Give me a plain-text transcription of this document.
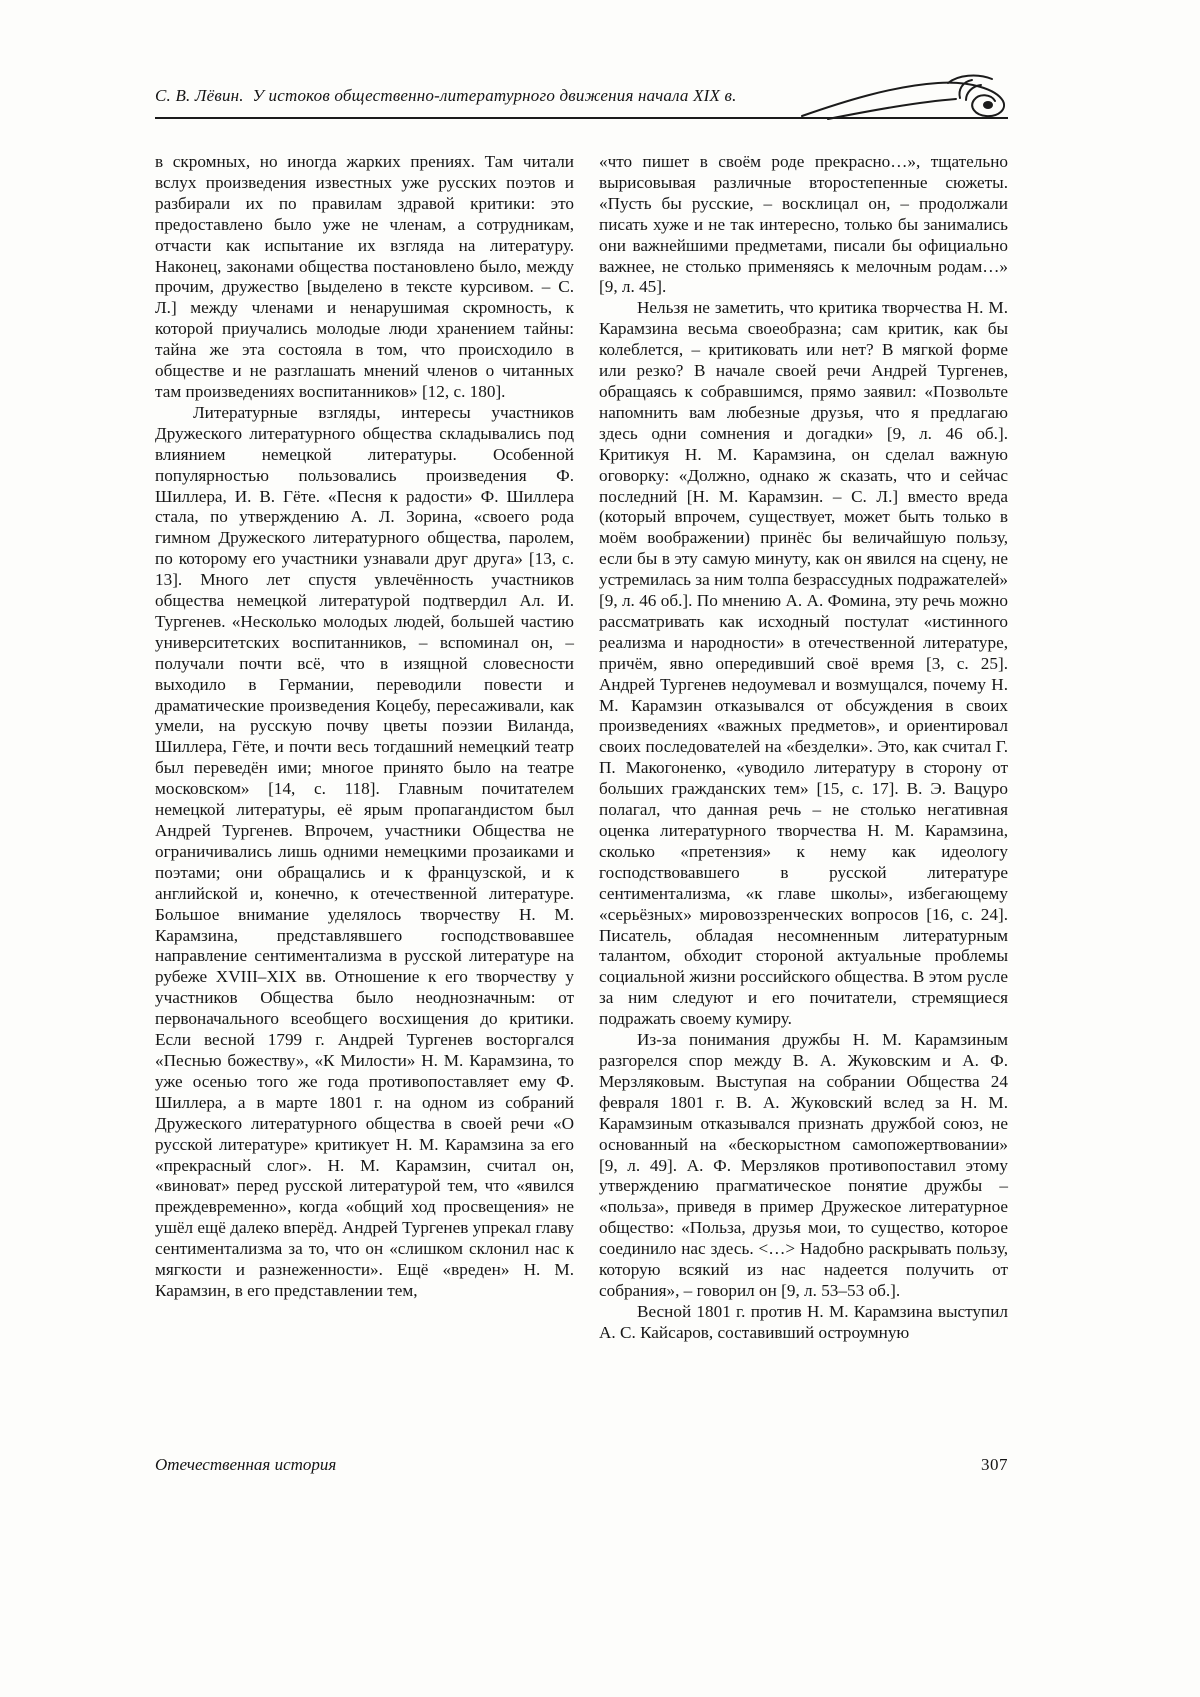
С. В. Лёвин. У истоков общественно-литературного движения начала XIX в.

в скромных, но иногда жарких прениях. Там читали вслух произведения известных уже русских поэтов и разбирали их по правилам здравой критики: это предоставлено было уже не членам, а сотрудникам, отчасти как испытание их взгляда на литературу. Наконец, законами общества постановлено было, между прочим, дружество [выделено в тексте курсивом. – С. Л.] между членами и ненарушимая скромность, к которой приучались молодые люди хранением тайны: тайна же эта состояла в том, что происходило в обществе и не разглашать мнений членов о читанных там произведениях воспитанников» [12, с. 180].

Литературные взгляды, интересы участников Дружеского литературного общества складывались под влиянием немецкой литературы. Особенной популярностью пользовались произведения Ф. Шиллера, И. В. Гёте. «Песня к радости» Ф. Шиллера стала, по утверждению А. Л. Зорина, «своего рода гимном Дружеского литературного общества, паролем, по которому его участники узнавали друг друга» [13, с. 13]. Много лет спустя увлечённость участников общества немецкой литературой подтвердил Ал. И. Тургенев. «Несколько молодых людей, большей частию университетских воспитанников, – вспоминал он, – получали почти всё, что в изящной словесности выходило в Германии, переводили повести и драматические произведения Коцебу, пересаживали, как умели, на русскую почву цветы поэзии Виланда, Шиллера, Гёте, и почти весь тогдашний немецкий театр был переведён ими; многое принято было на театре московском» [14, с. 118]. Главным почитателем немецкой литературы, её ярым пропагандистом был Андрей Тургенев. Впрочем, участники Общества не ограничивались лишь одними немецкими прозаиками и поэтами; они обращались и к французской, и к английской и, конечно, к отечественной литературе. Большое внимание уделялось творчеству Н. М. Карамзина, представлявшего господствовавшее направление сентиментализма в русской литературе на рубеже XVIII–XIX вв. Отношение к его творчеству у участников Общества было неоднозначным: от первоначального всеобщего восхищения до критики. Если весной 1799 г. Андрей Тургенев восторгался «Песнью божеству», «К Милости» Н. М. Карамзина, то уже осенью того же года противопоставляет ему Ф. Шиллера, а в марте 1801 г. на одном из собраний Дружеского литературного общества в своей речи «О русской литературе» критикует Н. М. Карамзина за его «прекрасный слог». Н. М. Карамзин, считал он, «виноват» перед русской литературой тем, что «явился преждевременно», когда «общий ход просвещения» не ушёл ещё далеко вперёд. Андрей Тургенев упрекал главу сентиментализма за то, что он «слишком склонил нас к мягкости и разнеженности». Ещё «вреден» Н. М. Карамзин, в его представлении тем,

«что пишет в своём роде прекрасно…», тщательно вырисовывая различные второстепенные сюжеты. «Пусть бы русские, – восклицал он, – продолжали писать хуже и не так интересно, только бы занимались они важнейшими предметами, писали бы официально важнее, не столько применяясь к мелочным родам…» [9, л. 45].

Нельзя не заметить, что критика творчества Н. М. Карамзина весьма своеобразна; сам критик, как бы колеблется, – критиковать или нет? В мягкой форме или резко? В начале своей речи Андрей Тургенев, обращаясь к собравшимся, прямо заявил: «Позвольте напомнить вам любезные друзья, что я предлагаю здесь одни сомнения и догадки» [9, л. 46 об.]. Критикуя Н. М. Карамзина, он сделал важную оговорку: «Должно, однако ж сказать, что и сейчас последний [Н. М. Карамзин. – С. Л.] вместо вреда (который впрочем, существует, может быть только в моём воображении) принёс бы величайшую пользу, если бы в эту самую минуту, как он явился на сцену, не устремилась за ним толпа безрассудных подражателей» [9, л. 46 об.]. По мнению А. А. Фомина, эту речь можно рассматривать как исходный постулат «истинного реализма и народности» в отечественной литературе, причём, явно опередивший своё время [3, с. 25]. Андрей Тургенев недоумевал и возмущался, почему Н. М. Карамзин отказывался от обсуждения в своих произведениях «важных предметов», и ориентировал своих последователей на «безделки». Это, как считал Г. П. Макогоненко, «уводило литературу в сторону от больших гражданских тем» [15, с. 17]. В. Э. Вацуро полагал, что данная речь – не столько негативная оценка литературного творчества Н. М. Карамзина, сколько «претензия» к нему как идеологу господствовавшего в русской литературе сентиментализма, «к главе школы», избегающему «серьёзных» мировоззренческих вопросов [16, с. 24]. Писатель, обладая несомненным литературным талантом, обходит стороной актуальные проблемы социальной жизни российского общества. В этом русле за ним следуют и его почитатели, стремящиеся подражать своему кумиру.

Из-за понимания дружбы Н. М. Карамзиным разгорелся спор между В. А. Жуковским и А. Ф. Мерзляковым. Выступая на собрании Общества 24 февраля 1801 г. В. А. Жуковский вслед за Н. М. Карамзиным отказывался признать дружбой союз, не основанный на «бескорыстном самопожертвовании» [9, л. 49]. А. Ф. Мерзляков противопоставил этому утверждению прагматическое понятие дружбы – «польза», приведя в пример Дружеское литературное общество: «Польза, друзья мои, то существо, которое соединило нас здесь. <…> Надобно раскрывать пользу, которую всякий из нас надеется получить от собрания», – говорил он [9, л. 53–53 об.].

Весной 1801 г. против Н. М. Карамзина выступил А. С. Кайсаров, составивший остроумную

Отечественная история	307
